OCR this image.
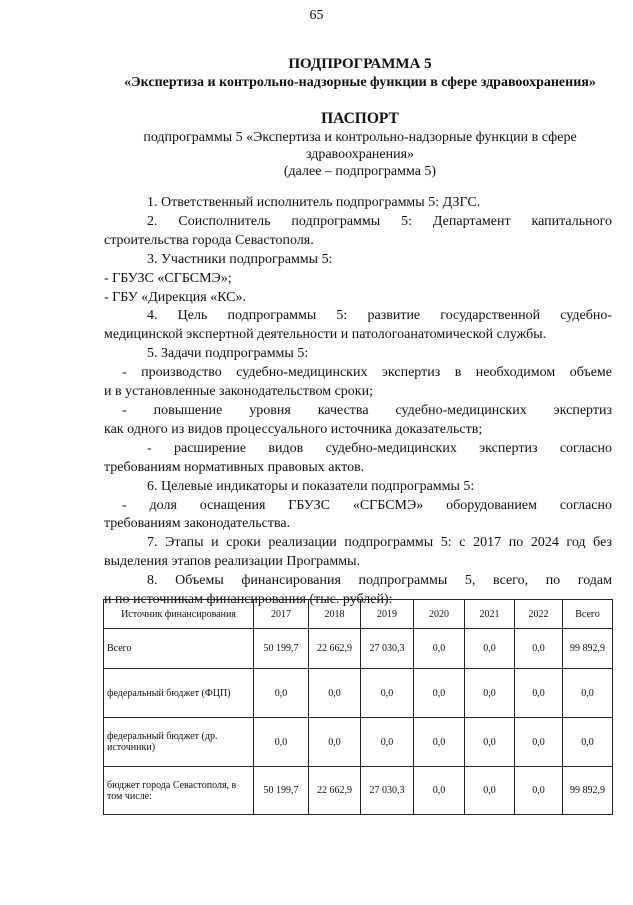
65
ПОДПРОГРАММА 5
«Экспертиза и контрольно-надзорные функции в сфере здравоохранения»
ПАСПОРТ
подпрограммы 5 «Экспертиза и контрольно-надзорные функции в сфере
здравоохранения»
(далее – подпрограмма 5)
1. Ответственный исполнитель подпрограммы 5: ДЗГС.
2. Соисполнитель подпрограммы 5: Департамент капитального
строительства города Севастополя.
3. Участники подпрограммы 5:
- ГБУЗС «СГБСМЭ»;
- ГБУ «Дирекция «КС».
4. Цель подпрограммы 5: развитие государственной судебно-
медицинской экспертной деятельности и патологоанатомической службы.
5. Задачи подпрограммы 5:
- производство судебно-медицинских экспертиз в необходимом объеме
и в установленные законодательством сроки;
- повышение уровня качества судебно-медицинских экспертиз
как одного из видов процессуального источника доказательств;
- расширение видов судебно-медицинских экспертиз согласно
требованиям нормативных правовых актов.
6. Целевые индикаторы и показатели подпрограммы 5:
- доля оснащения ГБУЗС «СГБСМЭ» оборудованием согласно
требованиям законодательства.
7. Этапы и сроки реализации подпрограммы 5: с 2017 по 2024 год без
выделения этапов реализации Программы.
8. Объемы финансирования подпрограммы 5, всего, по годам
и по источникам финансирования (тыс. рублей):
Источник финансирования	2017	2018	2019	2020	2021	2022	Всего
Всего	50 199,7	22 662,9	27 030,3	0,0	0,0	0,0	99 892,9
федеральный бюджет (ФЦП)	0,0	0,0	0,0	0,0	0,0	0,0	0,0
федеральный бюджет (др. источники)	0,0	0,0	0,0	0,0	0,0	0,0	0,0
бюджет города Севастополя, в том числе:	50 199,7	22 662,9	27 030,3	0,0	0,0	0,0	99 892,9
